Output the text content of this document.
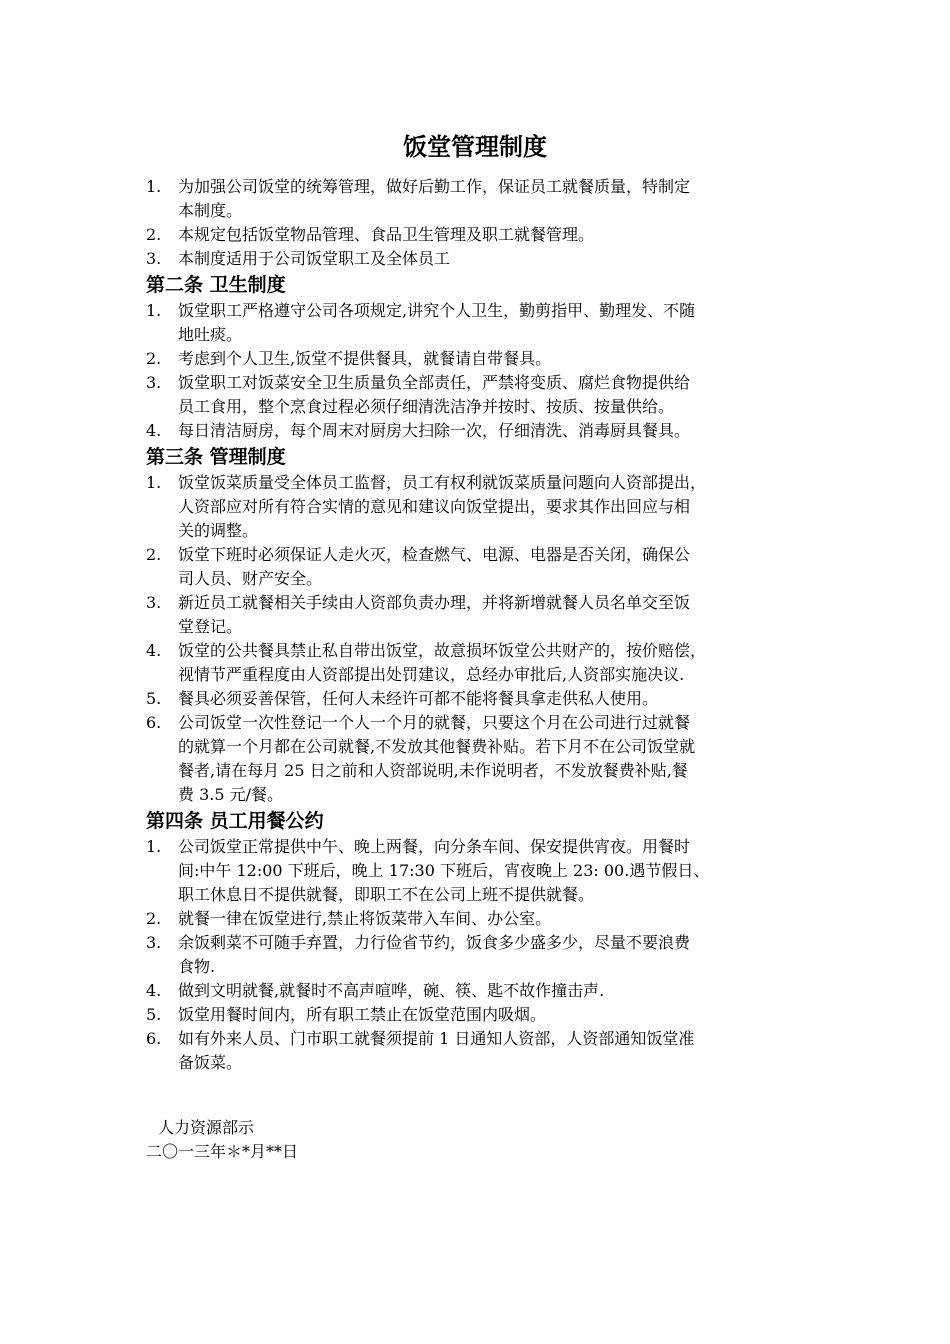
饭堂管理制度
1.	为加强公司饭堂的统筹管理，做好后勤工作，保证员工就餐质量，特制定
本制度。
2.	本规定包括饭堂物品管理、食品卫生管理及职工就餐管理。
3.	本制度适用于公司饭堂职工及全体员工
第二条 卫生制度
1.	饭堂职工严格遵守公司各项规定,讲究个人卫生，勤剪指甲、勤理发、不随
地吐痰。
2.	考虑到个人卫生,饭堂不提供餐具，就餐请自带餐具。
3.	饭堂职工对饭菜安全卫生质量负全部责任，严禁将变质、腐烂食物提供给
员工食用，整个烹食过程必须仔细清洗洁净并按时、按质、按量供给。
4.	每日清洁厨房，每个周末对厨房大扫除一次，仔细清洗、消毒厨具餐具。
第三条 管理制度
1.	饭堂饭菜质量受全体员工监督，员工有权利就饭菜质量问题向人资部提出，
人资部应对所有符合实情的意见和建议向饭堂提出，要求其作出回应与相
关的调整。
2.	饭堂下班时必须保证人走火灭，检查燃气、电源、电器是否关闭，确保公
司人员、财产安全。
3.	新近员工就餐相关手续由人资部负责办理，并将新增就餐人员名单交至饭
堂登记。
4.	饭堂的公共餐具禁止私自带出饭堂，故意损坏饭堂公共财产的，按价赔偿，
视情节严重程度由人资部提出处罚建议，总经办审批后,人资部实施决议.
5.	餐具必须妥善保管，任何人未经许可都不能将餐具拿走供私人使用。
6.	公司饭堂一次性登记一个人一个月的就餐，只要这个月在公司进行过就餐
的就算一个月都在公司就餐,不发放其他餐费补贴。若下月不在公司饭堂就
餐者,请在每月 25 日之前和人资部说明,未作说明者，不发放餐费补贴,餐
费 3.5 元/餐。
第四条 员工用餐公约
1.	公司饭堂正常提供中午、晚上两餐，向分条车间、保安提供宵夜。用餐时
间:中午 12:00 下班后，晚上 17:30 下班后，宵夜晚上 23: 00.遇节假日、
职工休息日不提供就餐，即职工不在公司上班不提供就餐。
2.	就餐一律在饭堂进行,禁止将饭菜带入车间、办公室。
3.	余饭剩菜不可随手弃置，力行俭省节约，饭食多少盛多少，尽量不要浪费
食物.
4.	做到文明就餐,就餐时不高声喧哗，碗、筷、匙不故作撞击声.
5.	饭堂用餐时间内，所有职工禁止在饭堂范围内吸烟。
6.	如有外来人员、门市职工就餐须提前 1 日通知人资部，人资部通知饭堂准
备饭菜。
人力资源部示
二〇一三年＊*月**日
